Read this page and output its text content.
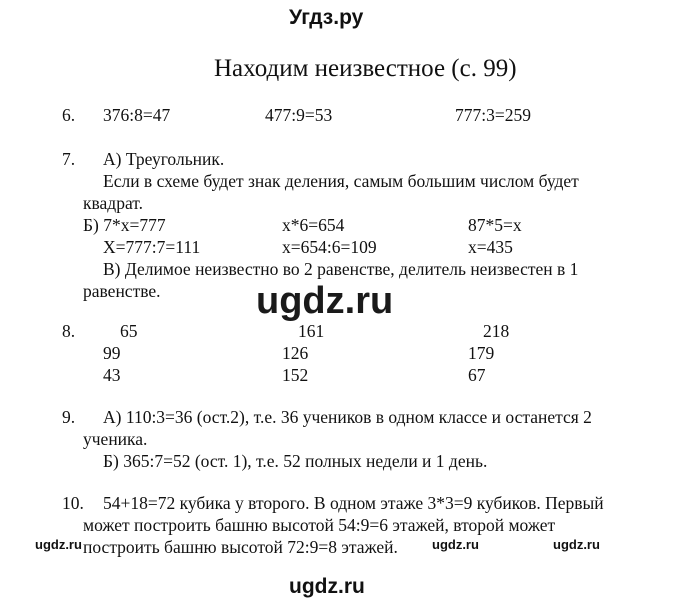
Угдз.ру
Находим неизвестное (с. 99)
6. 376:8=47	477:9=53	777:3=259
7. А) Треугольник.
Если в схеме будет знак деления, самым большим числом будет
квадрат.
Б) 7*х=777	х*6=654	87*5=х
Х=777:7=111	х=654:6=109	х=435
В) Делимое неизвестно во 2 равенстве, делитель неизвестен в 1
равенстве.	ugdz.ru
8.	65	161	218
99	126	179
43	152	67
9. А) 110:3=36 (ост.2), т.е. 36 учеников в одном классе и останется 2
ученика.
Б) 365:7=52 (ост. 1), т.е. 52 полных недели и 1 день.
10. 54+18=72 кубика у второго. В одном этаже 3*3=9 кубиков. Первый
может построить башню высотой 54:9=6 этажей, второй может
построить башню высотой 72:9=8 этажей.
ugdz.ru	ugdz.ru	ugdz.ru
ugdz.ru
